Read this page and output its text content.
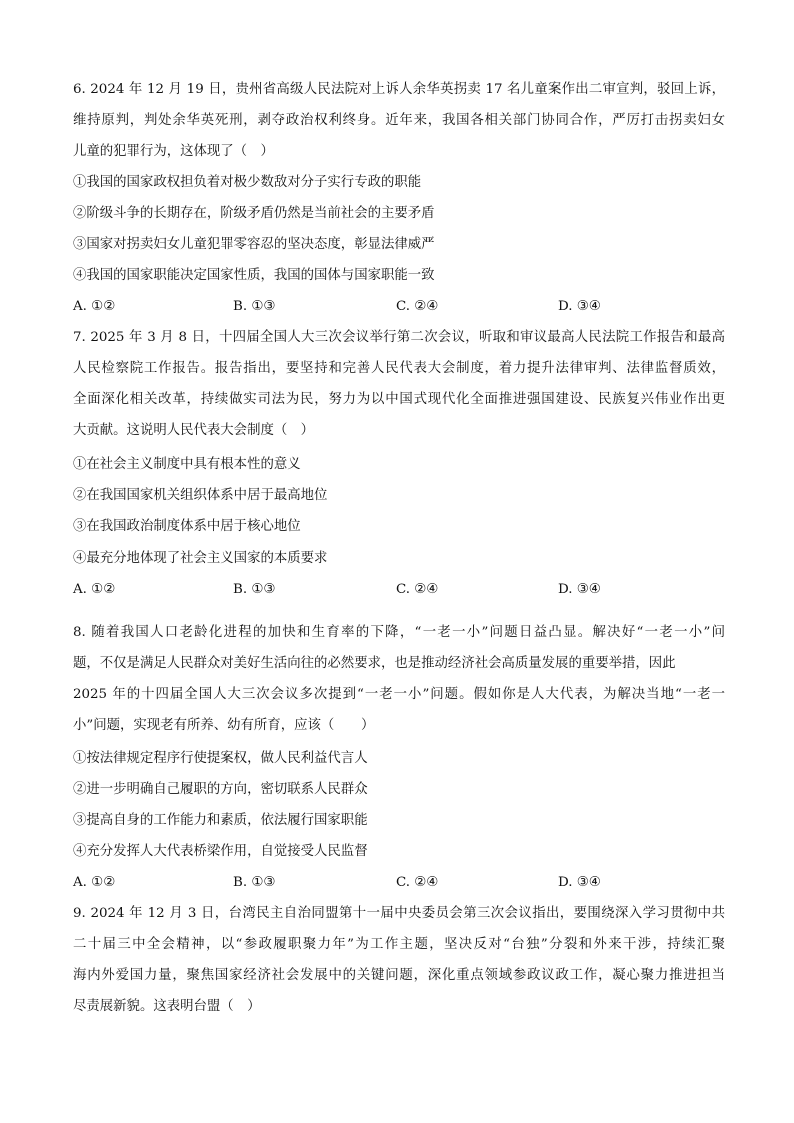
6. 2024 年 12 月 19 日，贵州省高级人民法院对上诉人余华英拐卖 17 名儿童案作出二审宣判，驳回上诉，
维持原判，判处余华英死刑，剥夺政治权利终身。近年来，我国各相关部门协同合作，严厉打击拐卖妇女
儿童的犯罪行为，这体现了（　）
①我国的国家政权担负着对极少数敌对分子实行专政的职能
②阶级斗争的长期存在，阶级矛盾仍然是当前社会的主要矛盾
③国家对拐卖妇女儿童犯罪零容忍的坚决态度，彰显法律威严
④我国的国家职能决定国家性质，我国的国体与国家职能一致
A. ①②	B. ①③	C. ②④	D. ③④
7. 2025 年 3 月 8 日，十四届全国人大三次会议举行第二次会议，听取和审议最高人民法院工作报告和最高
人民检察院工作报告。报告指出，要坚持和完善人民代表大会制度，着力提升法律审判、法律监督质效，
全面深化相关改革，持续做实司法为民，努力为以中国式现代化全面推进强国建设、民族复兴伟业作出更
大贡献。这说明人民代表大会制度（　）
①在社会主义制度中具有根本性的意义
②在我国国家机关组织体系中居于最高地位
③在我国政治制度体系中居于核心地位
④最充分地体现了社会主义国家的本质要求
A. ①②	B. ①③	C. ②④	D. ③④
8. 随着我国人口老龄化进程的加快和生育率的下降，“一老一小”问题日益凸显。解决好“一老一小”问
题，不仅是满足人民群众对美好生活向往的必然要求，也是推动经济社会高质量发展的重要举措，因此
2025 年的十四届全国人大三次会议多次提到“一老一小”问题。假如你是人大代表，为解决当地“一老一
小”问题，实现老有所养、幼有所育，应该（　　）
①按法律规定程序行使提案权，做人民利益代言人
②进一步明确自己履职的方向，密切联系人民群众
③提高自身的工作能力和素质，依法履行国家职能
④充分发挥人大代表桥梁作用，自觉接受人民监督
A. ①②	B. ①③	C. ②④	D. ③④
9. 2024 年 12 月 3 日，台湾民主自治同盟第十一届中央委员会第三次会议指出，要围绕深入学习贯彻中共
二十届三中全会精神，以“参政履职聚力年”为工作主题，坚决反对“台独”分裂和外来干涉，持续汇聚
海内外爱国力量，聚焦国家经济社会发展中的关键问题，深化重点领域参政议政工作，凝心聚力推进担当
尽责展新貌。这表明台盟（　）
